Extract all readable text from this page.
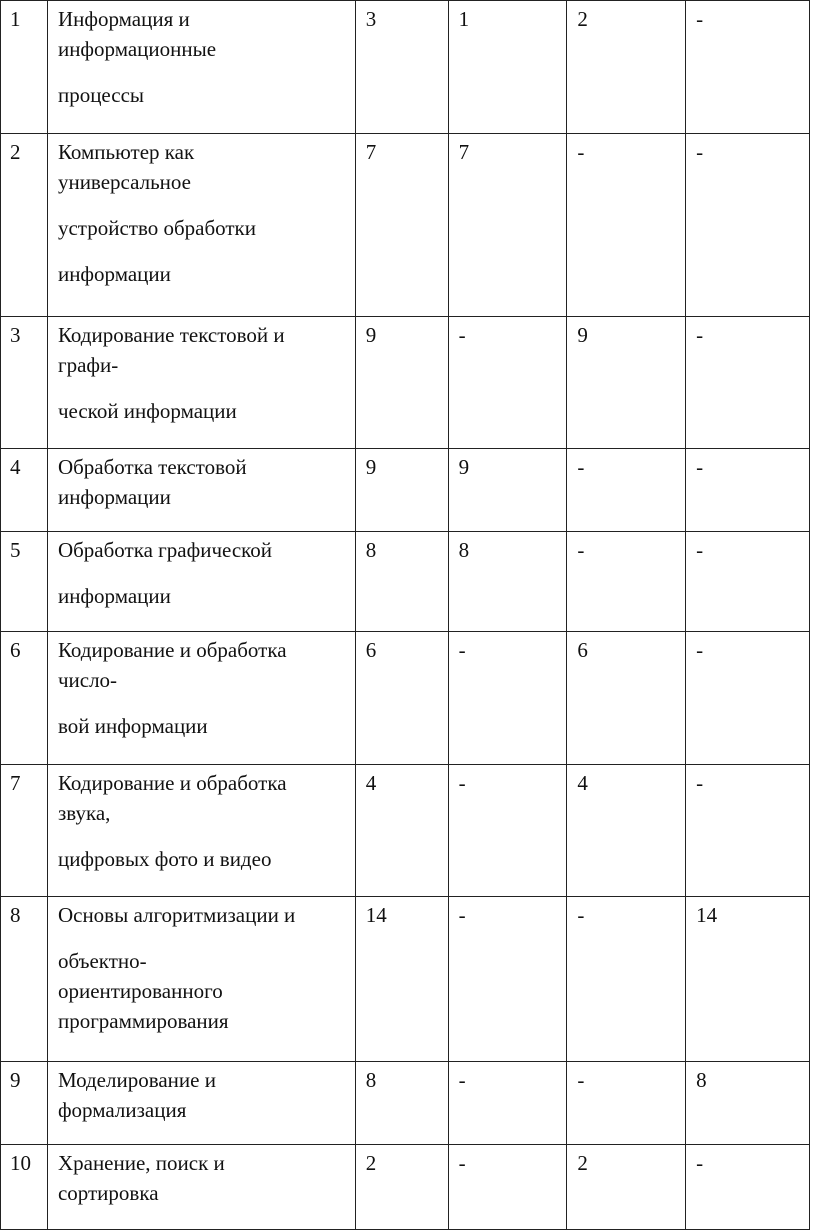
1	Информация и
информационные
процессы	3	1	2	-
2	Компьютер как
универсальное
устройство обработки
информации	7	7	-	-
3	Кодирование текстовой и
графи-
ческой информации	9	-	9	-
4	Обработка текстовой
информации	9	9	-	-
5	Обработка графической
информации	8	8	-	-
6	Кодирование и обработка
число-
вой информации	6	-	6	-
7	Кодирование и обработка
звука,
цифровых фото и видео	4	-	4	-
8	Основы алгоритмизации и
объектно-
ориентированного
программирования	14	-	-	14
9	Моделирование и
формализация	8	-	-	8
10	Хранение, поиск и
сортировка	2	-	2	-
